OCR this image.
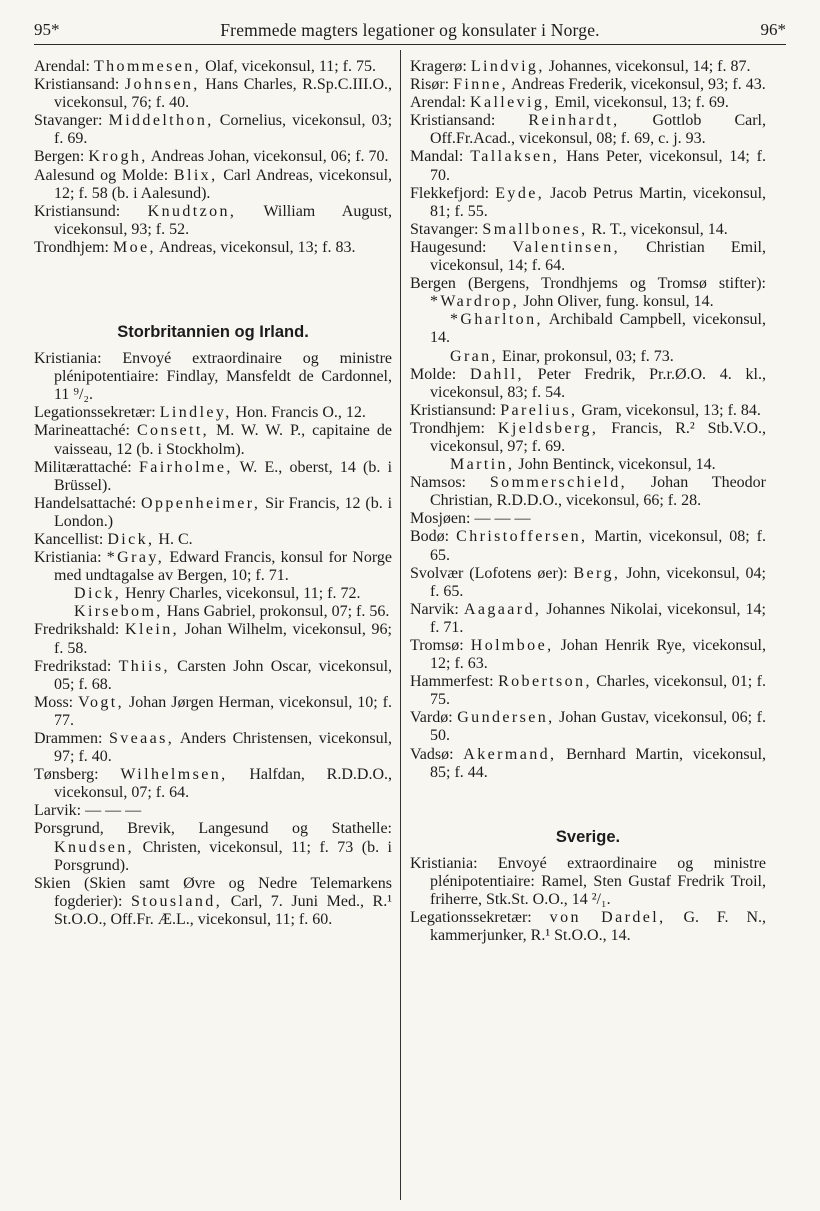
95*	Fremmede magters legationer og konsulater i Norge.	96*

Arendal: Thommesen, Olaf, vicekonsul, 11; f. 75.

Kristiansand: Johnsen, Hans Charles, R.Sp.C.III.O., vicekonsul, 76; f. 40.

Stavanger: Middelthon, Cornelius, vicekonsul, 03; f. 69.

Bergen: Krogh, Andreas Johan, vicekonsul, 06; f. 70.

Aalesund og Molde: Blix, Carl Andreas, vicekonsul, 12; f. 58 (b. i Aalesund).

Kristiansund: Knudtzon, William August, vicekonsul, 93; f. 52.

Trondhjem: Moe, Andreas, vicekonsul, 13; f. 83.

Storbritannien og Irland.

Kristiania: Envoyé extraordinaire og ministre plénipotentiaire: Findlay, Mansfeldt de Cardonnel, 11 ⁹/₂.

Legationssekretær: Lindley, Hon. Francis O., 12.

Marineattaché: Consett, M. W. W. P., capitaine de vaisseau, 12 (b. i Stockholm).

Militærattaché: Fairholme, W. E., oberst, 14 (b. i Brüssel).

Handelsattaché: Oppenheimer, Sir Francis, 12 (b. i London.)

Kancellist: Dick, H. C.

Kristiania: *Gray, Edward Francis, konsul for Norge med undtagalse av Bergen, 10; f. 71.

Dick, Henry Charles, vicekonsul, 11; f. 72.

Kirsebom, Hans Gabriel, prokonsul, 07; f. 56.

Fredrikshald: Klein, Johan Wilhelm, vicekonsul, 96; f. 58.

Fredrikstad: Thiis, Carsten John Oscar, vicekonsul, 05; f. 68.

Moss: Vogt, Johan Jørgen Herman, vicekonsul, 10; f. 77.

Drammen: Sveaas, Anders Christensen, vicekonsul, 97; f. 40.

Tønsberg: Wilhelmsen, Halfdan, R.D.D.O., vicekonsul, 07; f. 64.

Larvik: — — —

Porsgrund, Brevik, Langesund og Stathelle: Knudsen, Christen, vicekonsul, 11; f. 73 (b. i Porsgrund).

Skien (Skien samt Øvre og Nedre Telemarkens fogderier): Stousland, Carl, 7. Juni Med., R.¹ St.O.O., Off.Fr. Æ.L., vicekonsul, 11; f. 60.

Kragerø: Lindvig, Johannes, vicekonsul, 14; f. 87.

Risør: Finne, Andreas Frederik, vicekonsul, 93; f. 43.

Arendal: Kallevig, Emil, vicekonsul, 13; f. 69.

Kristiansand: Reinhardt, Gottlob Carl, Off.Fr.Acad., vicekonsul, 08; f. 69, c. j. 93.

Mandal: Tallaksen, Hans Peter, vicekonsul, 14; f. 70.

Flekkefjord: Eyde, Jacob Petrus Martin, vicekonsul, 81; f. 55.

Stavanger: Smallbones, R. T., vicekonsul, 14.

Haugesund: Valentinsen, Christian Emil, vicekonsul, 14; f. 64.

Bergen (Bergens, Trondhjems og Tromsø stifter): *Wardrop, John Oliver, fung. konsul, 14.

*Gharlton, Archibald Campbell, vicekonsul, 14.

Gran, Einar, prokonsul, 03; f. 73.

Molde: Dahll, Peter Fredrik, Pr.r.Ø.O. 4. kl., vicekonsul, 83; f. 54.

Kristiansund: Parelius, Gram, vicekonsul, 13; f. 84.

Trondhjem: Kjeldsberg, Francis, R.² Stb.V.O., vicekonsul, 97; f. 69.

Martin, John Bentinck, vicekonsul, 14.

Namsos: Sommerschield, Johan Theodor Christian, R.D.D.O., vicekonsul, 66; f. 28.

Mosjøen: — — —

Bodø: Christoffersen, Martin, vicekonsul, 08; f. 65.

Svolvær (Lofotens øer): Berg, John, vicekonsul, 04; f. 65.

Narvik: Aagaard, Johannes Nikolai, vicekonsul, 14; f. 71.

Tromsø: Holmboe, Johan Henrik Rye, vicekonsul, 12; f. 63.

Hammerfest: Robertson, Charles, vicekonsul, 01; f. 75.

Vardø: Gundersen, Johan Gustav, vicekonsul, 06; f. 50.

Vadsø: Akermand, Bernhard Martin, vicekonsul, 85; f. 44.

Sverige.

Kristiania: Envoyé extraordinaire og ministre plénipotentiaire: Ramel, Sten Gustaf Fredrik Troil, friherre, Stk.St. O.O., 14 ²/₁.

Legationssekretær: von Dardel, G. F. N., kammerjunker, R.¹ St.O.O., 14.
